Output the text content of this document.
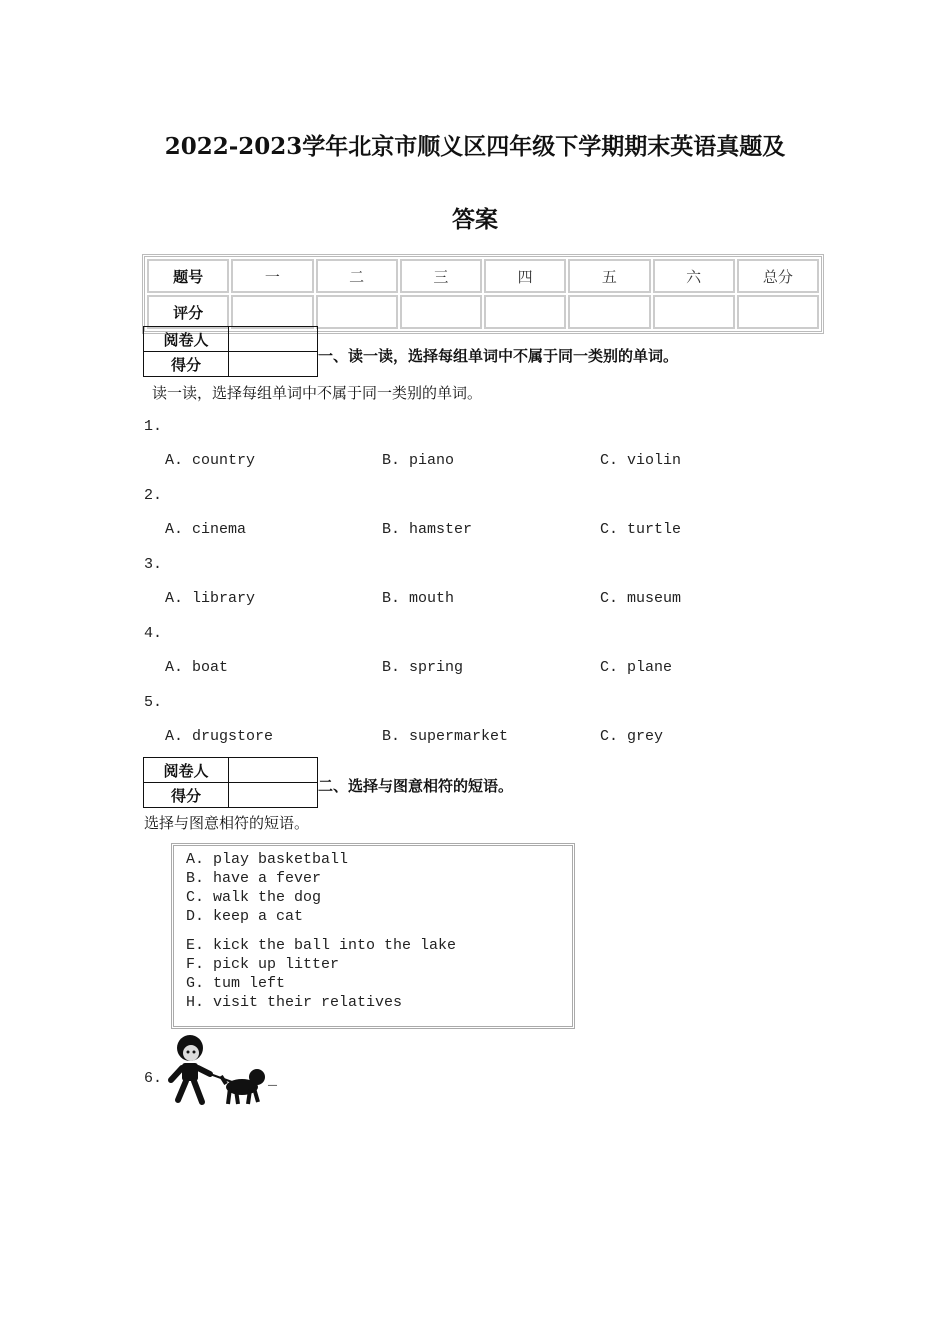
2022-2023学年北京市顺义区四年级下学期期末英语真题及
答案
题号	一	二	三	四	五	六	总分
评分							
阅卷人	
得分		一、读一读，选择每组单词中不属于同一类别的单词。
读一读，选择每组单词中不属于同一类别的单词。
1.
A. country	B. piano	C. violin
2.
A. cinema	B. hamster	C. turtle
3.
A. library	B. mouth	C. museum
4.
A. boat	B. spring	C. plane
5.
A. drugstore	B. supermarket	C. grey
阅卷人	
得分	
二、选择与图意相符的短语。
选择与图意相符的短语。
A. play basketball
B. have a fever
C. walk the dog
D. keep a cat
E. kick the ball into the lake
F. pick up litter
G. tum left
H. visit their relatives
6.	_
